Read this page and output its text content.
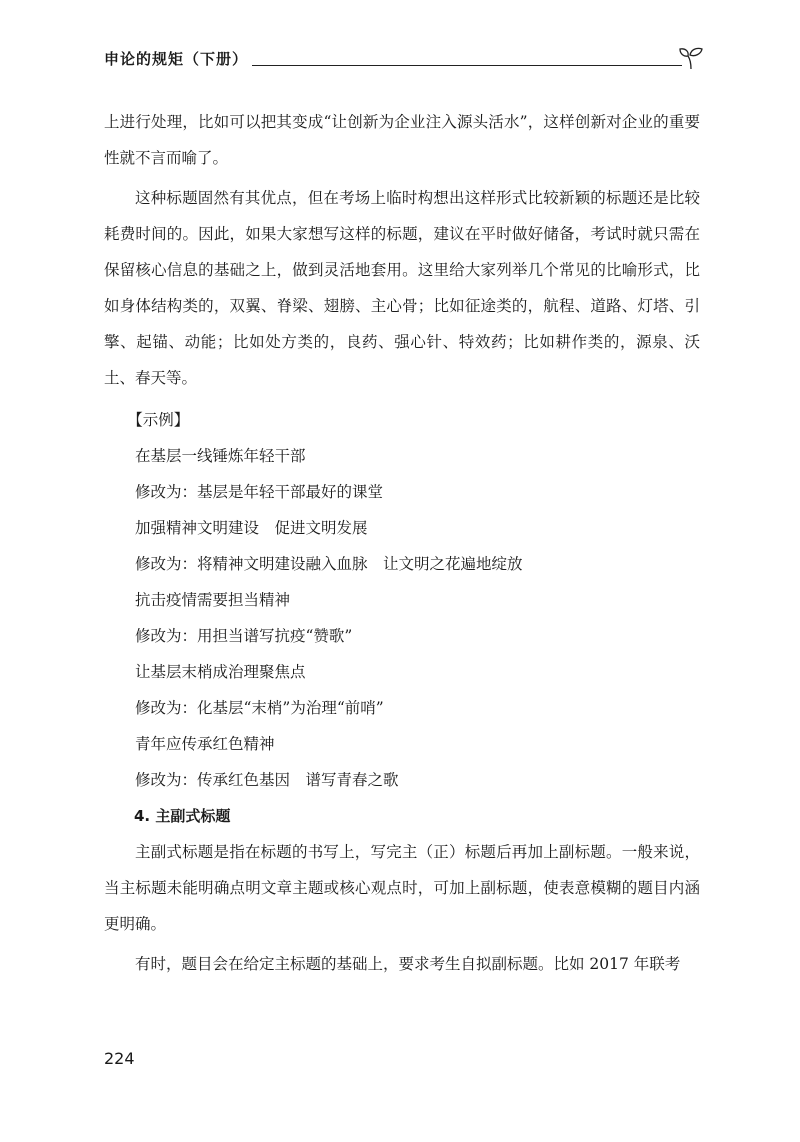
申论的规矩（下册）

上进行处理，比如可以把其变成“让创新为企业注入源头活水”，这样创新对企业的重要性就不言而喻了。

这种标题固然有其优点，但在考场上临时构想出这样形式比较新颖的标题还是比较耗费时间的。因此，如果大家想写这样的标题，建议在平时做好储备，考试时就只需在保留核心信息的基础之上，做到灵活地套用。这里给大家列举几个常见的比喻形式，比如身体结构类的，双翼、脊梁、翅膀、主心骨；比如征途类的，航程、道路、灯塔、引擎、起锚、动能；比如处方类的，良药、强心针、特效药；比如耕作类的，源泉、沃土、春天等。

【示例】

在基层一线锤炼年轻干部

修改为：基层是年轻干部最好的课堂

加强精神文明建设　促进文明发展

修改为：将精神文明建设融入血脉　让文明之花遍地绽放

抗击疫情需要担当精神

修改为：用担当谱写抗疫“赞歌”

让基层末梢成治理聚焦点

修改为：化基层“末梢”为治理“前哨”

青年应传承红色精神

修改为：传承红色基因　谱写青春之歌

4. 主副式标题

主副式标题是指在标题的书写上，写完主（正）标题后再加上副标题。一般来说，当主标题未能明确点明文章主题或核心观点时，可加上副标题，使表意模糊的题目内涵更明确。

有时，题目会在给定主标题的基础上，要求考生自拟副标题。比如 2017 年联考

224
